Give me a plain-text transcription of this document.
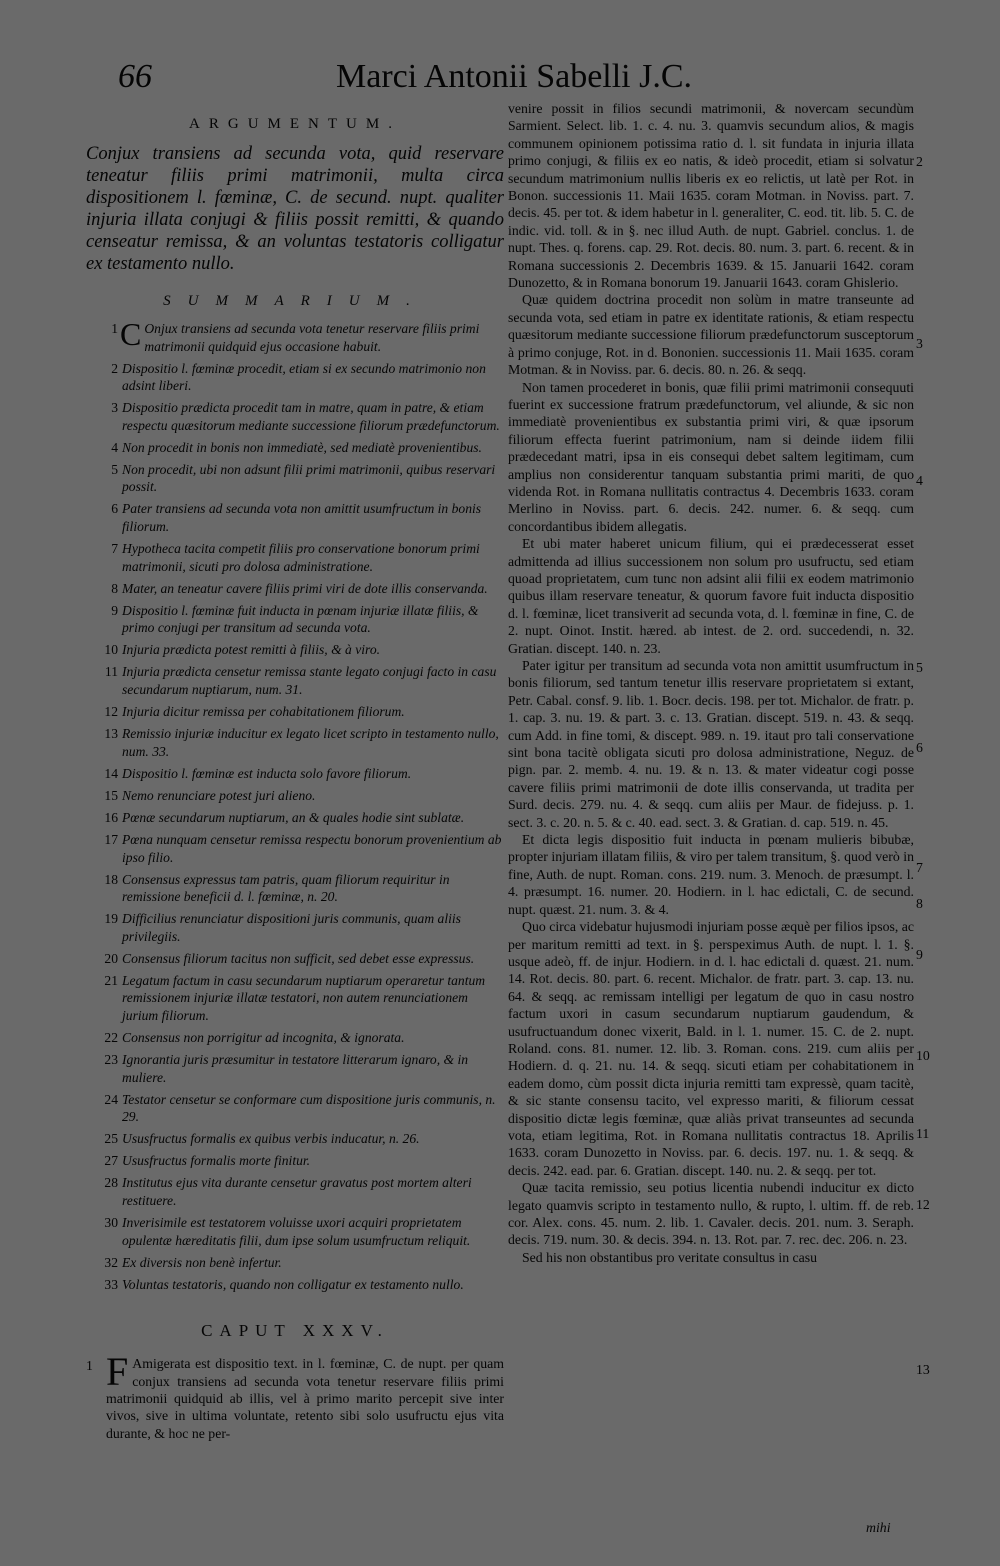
66	Marci Antonii Sabelli J.C.
ARGUMENTUM.

Conjux transiens ad secunda vota, quid reservare teneatur filiis primi matrimonii, multa circa dispositionem l. fœminæ, C. de secund. nupt. qualiter injuria illata conjugi & filiis possit remitti, & quando censeatur remissa, & an voluntas testatoris colligatur ex testamento nullo.

SUMMARIUM.
1 C Onjux transiens ad secunda vota tenetur reservare filiis primi matrimonii quidquid ejus occasione habuit.
2 Dispositio l. fœminæ procedit, etiam si ex secundo matrimonio non adsint liberi.
3 Dispositio prædicta procedit tam in matre, quam in patre, & etiam respectu quæsitorum mediante successione filiorum prædefunctorum.
4 Non procedit in bonis non immediatè, sed mediatè provenientibus.
5 Non procedit, ubi non adsunt filii primi matrimonii, quibus reservari possit.
6 Pater transiens ad secunda vota non amittit usumfructum in bonis filiorum.
7 Hypotheca tacita competit filiis pro conservatione bonorum primi matrimonii, sicuti pro dolosa administratione.
8 Mater, an teneatur cavere filiis primi viri de dote illis conservanda.
9 Dispositio l. fœminæ fuit inducta in pœnam injuriæ illatæ filiis, & primo conjugi per transitum ad secunda vota.
10 Injuria prædicta potest remitti à filiis, & à viro.
11 Injuria prædicta censetur remissa stante legato conjugi facto in casu secundarum nuptiarum, num. 31.
12 Injuria dicitur remissa per cohabitationem filiorum.
13 Remissio injuriæ inducitur ex legato licet scripto in testamento nullo, num. 33.
14 Dispositio l. fœminæ est inducta solo favore filiorum.
15 Nemo renunciare potest juri alieno.
16 Pœnæ secundarum nuptiarum, an & quales hodie sint sublatæ.
17 Pœna nunquam censetur remissa respectu bonorum provenientium ab ipso filio.
18 Consensus expressus tam patris, quam filiorum requiritur in remissione beneficii d. l. fœminæ, n. 20.
19 Difficilius renunciatur dispositioni juris communis, quam aliis privilegiis.
20 Consensus filiorum tacitus non sufficit, sed debet esse expressus.
21 Legatum factum in casu secundarum nuptiarum operaretur tantum remissionem injuriæ illatæ testatori, non autem renunciationem jurium filiorum.
22 Consensus non porrigitur ad incognita, & ignorata.
23 Ignorantia juris præsumitur in testatore litterarum ignaro, & in muliere.
24 Testator censetur se conformare cum dispositione juris communis, n. 29.
25 Ususfructus formalis ex quibus verbis inducatur, n. 26.
27 Ususfructus formalis morte finitur.
28 Institutus ejus vita durante censetur gravatus post mortem alteri restituere.
30 Inverisimile est testatorem voluisse uxori acquiri proprietatem opulentæ hæreditatis filii, dum ipse solum usumfructum reliquit.
32 Ex diversis non benè infertur.
33 Voluntas testatoris, quando non colligatur ex testamento nullo.
CAPUT XXXV.
1 F Amigerata est dispositio text. in l. fœminæ, C. de nupt. per quam conjux transiens ad secunda vota tenetur reservare filiis primi matrimonii quidquid ab illis, vel à primo marito percepit sive inter vivos, sive in ultima voluntate, retento sibi solo usufructu ejus vita durante, & hoc ne per-

venire possit in filios secundi matrimonii, & novercam secundùm Sarmient. Select. lib. 1. c. 4. nu. 3. quamvis secundum alios, & magis communem opinionem potissima ratio d. l. sit fundata in injuria illata primo conjugi, & filiis ex eo natis, & ideò procedit, etiam si solvatur secundum matrimonium nullis liberis ex eo relictis, ut latè per Rot. in Bonon. successionis 11. Maii 1635. coram Motman. in Noviss. part. 7. decis. 45. per tot. & idem habetur in l. generaliter, C. eod. tit. lib. 5. C. de indic. vid. toll. & in §. nec illud Auth. de nupt. Gabriel. conclus. 1. de nupt. Thes. q. forens. cap. 29. Rot. decis. 80. num. 3. part. 6. recent. & in Romana successionis 2. Decembris 1639. & 15. Januarii 1642. coram Dunozetto, & in Romana bonorum 19. Januarii 1643. coram Ghislerio.

Quæ quidem doctrina procedit non solùm in matre transeunte ad secunda vota, sed etiam in patre ex identitate rationis, & etiam respectu quæsitorum mediante successione filiorum prædefunctorum susceptorum à primo conjuge, Rot. in d. Bononien. successionis 11. Maii 1635. coram Motman. & in Noviss. par. 6. decis. 80. n. 26. & seqq.

Non tamen procederet in bonis, quæ filii primi matrimonii consequuti fuerint ex successione fratrum prædefunctorum, vel aliunde, & sic non immediatè provenientibus ex substantia primi viri, & quæ ipsorum filiorum effecta fuerint patrimonium, nam si deinde iidem filii prædecedant matri, ipsa in eis consequi debet saltem legitimam, cum amplius non considerentur tanquam substantia primi mariti, de quo videnda Rot. in Romana nullitatis contractus 4. Decembris 1633. coram Merlino in Noviss. part. 6. decis. 242. numer. 6. & seqq. cum concordantibus ibidem allegatis.

Et ubi mater haberet unicum filium, qui ei prædecesserat esset admittenda ad illius successionem non solum pro usufructu, sed etiam quoad proprietatem, cum tunc non adsint alii filii ex eodem matrimonio quibus illam reservare teneatur, & quorum favore fuit inducta dispositio d. l. fœminæ, licet transiverit ad secunda vota, d. l. fœminæ in fine, C. de 2. nupt. Oinot. Instit. hæred. ab intest. de 2. ord. succedendi, n. 32. Gratian. discept. 140. n. 23.

Pater igitur per transitum ad secunda vota non amittit usumfructum in bonis filiorum, sed tantum tenetur illis reservare proprietatem si extant, Petr. Cabal. consf. 9. lib. 1. Bocr. decis. 198. per tot. Michalor. de fratr. p. 1. cap. 3. nu. 19. & part. 3. c. 13. Gratian. discept. 519. n. 43. & seqq. cum Add. in fine tomi, & discept. 989. n. 19. itaut pro tali conservatione sint bona tacitè obligata sicuti pro dolosa administratione, Neguz. de pign. par. 2. memb. 4. nu. 19. & n. 13. & mater videatur cogi posse cavere filiis primi matrimonii de dote illis conservanda, ut tradita per Surd. decis. 279. nu. 4. & seqq. cum aliis per Maur. de fidejuss. p. 1. sect. 3. c. 20. n. 5. & c. 40. ead. sect. 3. & Gratian. d. cap. 519. n. 45.

Et dicta legis dispositio fuit inducta in pœnam mulieris bibubæ, propter injuriam illatam filiis, & viro per talem transitum, §. quod verò in fine, Auth. de nupt. Roman. cons. 219. num. 3. Menoch. de præsumpt. l. 4. præsumpt. 16. numer. 20. Hodiern. in l. hac edictali, C. de secund. nupt. quæst. 21. num. 3. & 4.

Quo circa videbatur hujusmodi injuriam posse æquè per filios ipsos, ac per maritum remitti ad text. in §. perspeximus Auth. de nupt. l. 1. §. usque adeò, ff. de injur. Hodiern. in d. l. hac edictali d. quæst. 21. num. 14. Rot. decis. 80. part. 6. recent. Michalor. de fratr. part. 3. cap. 13. nu. 64. & seqq. ac remissam intelligi per legatum de quo in casu nostro factum uxori in casum secundarum nuptiarum gaudendum, & usufructuandum donec vixerit, Bald. in l. 1. numer. 15. C. de 2. nupt. Roland. cons. 81. numer. 12. lib. 3. Roman. cons. 219. cum aliis per Hodiern. d. q. 21. nu. 14. & seqq. sicuti etiam per cohabitationem in eadem domo, cùm possit dicta injuria remitti tam expressè, quam tacitè, & sic stante consensu tacito, vel expresso mariti, & filiorum cessat dispositio dictæ legis fœminæ, quæ aliàs privat transeuntes ad secunda vota, etiam legitima, Rot. in Romana nullitatis contractus 18. Aprilis 1633. coram Dunozetto in Noviss. par. 6. decis. 197. nu. 1. & seqq. & decis. 242. ead. par. 6. Gratian. discept. 140. nu. 2. & seqq. per tot.

Quæ tacita remissio, seu potius licentia nubendi inducitur ex dicto legato quamvis scripto in testamento nullo, & rupto, l. ultim. ff. de reb. cor. Alex. cons. 45. num. 2. lib. 1. Cavaler. decis. 201. num. 3. Seraph. decis. 719. num. 30. & decis. 394. n. 13. Rot. par. 7. rec. dec. 206. n. 23.

Sed his non obstantibus pro veritate consultus in casu

2
3
4
5
6
7
8
9
10
11
12
13
mihi
